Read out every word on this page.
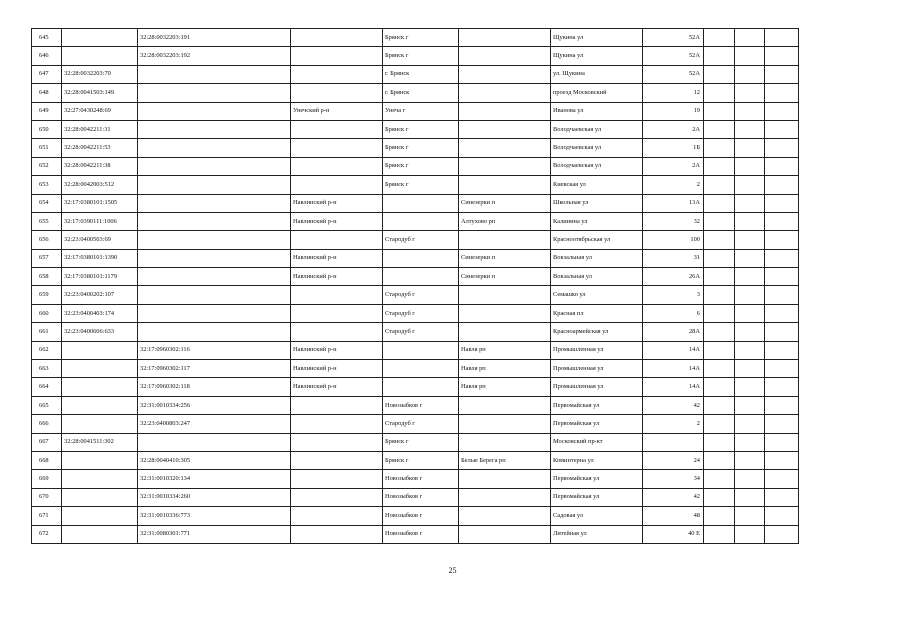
645		32:28:0032203:191		Брянск г		Щукина ул	52А			
646		32:28:0032203:192		Брянск г		Щукина ул	52А			
647	32:28:0032203:70			г. Брянск		ул. Щукина	52А			
648	32:28:0041503:149			г. Брянск		проезд Московский	12			
649	32:27:0430248:69		Унечский р-н	Унеча г		Иванова ул	19			
650	32:28:0042211:31			Брянск г		Володчаевская ул	2А			
651	32:28:0042211:53			Брянск г		Володчаевская ул	1Б			
652	32:28:0042211:38			Брянск г		Володчаевская ул	2А			
653	32:28:0042003:512			Брянск г		Киевская ул	2			
654	32:17:0380101:1505		Навлинский р-н		Синезерки п	Школьная ул	13А			
655	32:17:0390111:1006		Навлинский р-н		Алтухово рп	Калинина ул	32			
656	32:23:0400503:69			Стародуб г		Красноотябрьская ул	100			
657	32:17:0380101:1390		Навлинский р-н		Синезерки п	Вокзальная ул	31			
658	32:17:0380101:1179		Навлинский р-н		Синезерки п	Вокзальная ул	26А			
659	32:23:0400202:107			Стародуб г		Семашко ул	3			
660	32:23:0400403:174			Стародуб г		Красная пл	6			
661	32:23:0400606:633			Стародуб г		Красноармейская ул	28А			
662		32:17:0960302:116	Навлинский р-н		Навля рп	Промышленная ул	14А			
663		32:17:0960302:117	Навлинский р-н		Навля рп	Промышленная ул	14А			
664		32:17:0960302:118	Навлинский р-н		Навля рп	Промышленная ул	14А			
665		32:31:0010334:256		Новозыбков г		Первомайская ул	42			
666		32:23:0400803:247		Стародуб г		Первомайская ул	2			
667	32:28:0041511:302			Брянск г		Московский пр-кт				
668		32:28:0040410:305		Брянск г	Белые Берега рп	Коминтерна ул	24			
669		32:31:0010320:134		Новозыбков г		Первомайская ул	34			
670		32:31:0010334:260		Новозыбков г		Первомайская ул	42			
671		32:31:0010336:773		Новозыбков г		Садовая ул	48			
672		32:31:0080301:771		Новозыбков г		Литейная ул	40 Е			
25
